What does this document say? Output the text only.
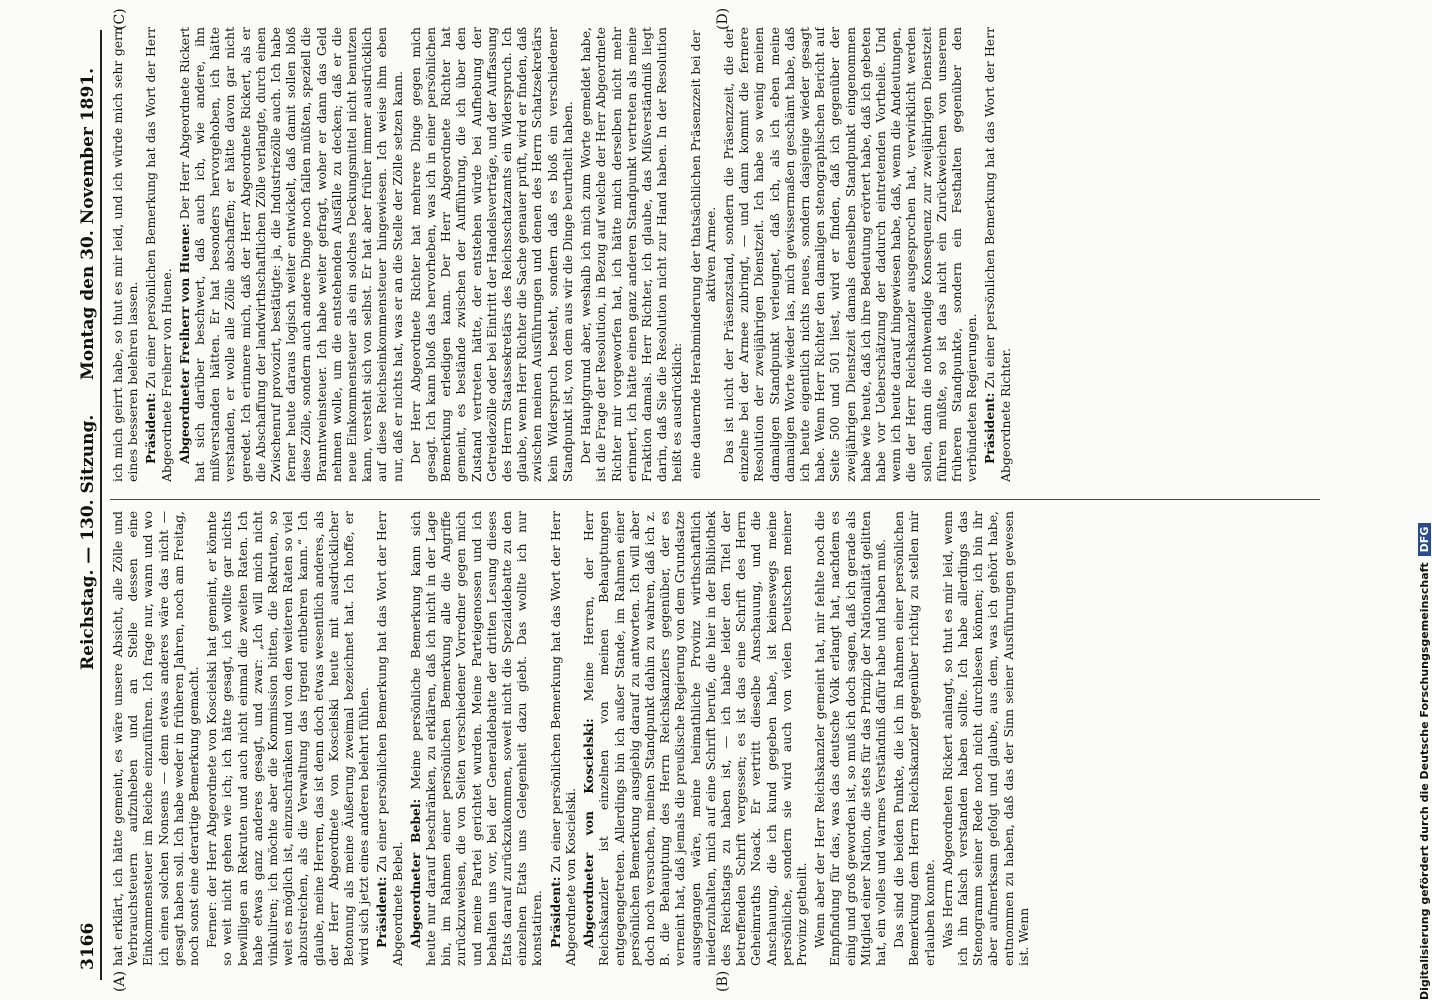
3166
Reichstag. — 130. Sitzung.
Montag den 30. November 1891.
(A)	(B)
(C)	(D)

hat erklärt, ich hätte gemeint, es wäre unsere Absicht, alle Zölle und Verbrauchsteuern aufzuheben und an Stelle dessen eine Einkommensteuer im Reiche einzuführen. Ich frage nur, wann und wo ich einen solchen Nonsens — denn etwas anderes wäre das nicht — gesagt haben soll. Ich habe weder in früheren Jahren, noch am Freitag, noch sonst eine derartige Bemerkung gemacht. Ferner: der Herr Abgeordnete von Koscielski hat gemeint, er könnte so weit nicht gehen wie ich; ich hätte gesagt, ich wollte gar nichts bewilligen an Rekruten und auch nicht einmal die zweiten Raten. Ich habe etwas ganz anderes gesagt, und zwar: „Ich will mich nicht vinkuliren; ich möchte aber die Kommission bitten, die Rekruten, so weit es möglich ist, einzuschränken und von den weiteren Raten so viel abzustreichen, als die Verwaltung das irgend entbehren kann.“ Ich glaube, meine Herren, das ist denn doch etwas wesentlich anderes, als der Herr Abgeordnete von Koscielski heute mit ausdrücklicher Betonung als meine Äußerung zweimal bezeichnet hat. Ich hoffe, er wird sich jetzt eines anderen belehrt fühlen. Präsident: Zu einer persönlichen Bemerkung hat das Wort der Herr Abgeordnete Bebel. Abgeordneter Bebel: Meine persönliche Bemerkung kann sich heute nur darauf beschränken, zu erklären, daß ich nicht in der Lage bin, im Rahmen einer persönlichen Bemerkung alle die Angriffe zurückzuweisen, die von Seiten verschiedener Vorredner gegen mich und meine Partei gerichtet wurden. Meine Parteigenossen und ich behalten uns vor, bei der Generaldebatte der dritten Lesung dieses Etats darauf zurückzukommen, soweit nicht die Spezialdebatte zu den einzelnen Etats uns Gelegenheit dazu giebt. Das wollte ich nur konstatiren. Präsident: Zu einer persönlichen Bemerkung hat das Wort der Herr Abgeordnete von Koscielski. Abgeordneter von Koscielski: Meine Herren, der Herr Reichskanzler ist einzelnen von meinen Behauptungen entgegengetreten. Allerdings bin ich außer Stande, im Rahmen einer persönlichen Bemerkung ausgiebig darauf zu antworten. Ich will aber doch noch versuchen, meinen Standpunkt dahin zu wahren, daß ich z. B. die Behauptung des Herrn Reichskanzlers gegenüber, der es verneint hat, daß jemals die preußische Regierung von dem Grundsatze ausgegangen wäre, meine heimathliche Provinz wirthschaftlich niederzuhalten, mich auf eine Schrift berufe, die hier in der Bibliothek des Reichstags zu haben ist, — ich habe leider den Titel der betreffenden Schrift vergessen; es ist das eine Schrift des Herrn Geheimraths Noack. Er vertritt dieselbe Anschauung, und die Anschauung, die ich kund gegeben habe, ist keineswegs meine persönliche, sondern sie wird auch von vielen Deutschen meiner Provinz getheilt. Wenn aber der Herr Reichskanzler gemeint hat, mir fehlte noch die Empfindung für das, was das deutsche Volk erlangt hat, nachdem es einig und groß geworden ist, so muß ich doch sagen, daß ich gerade als Mitglied einer Nation, die stets für das Prinzip der Nationalität gelitten hat, ein volles und warmes Verständniß dafür habe und haben muß. Das sind die beiden Punkte, die ich im Rahmen einer persönlichen Bemerkung dem Herrn Reichskanzler gegenüber richtig zu stellen mir erlauben konnte. Was Herrn Abgeordneten Rickert anlangt, so thut es mir leid, wenn ich ihn falsch verstanden haben sollte. Ich habe allerdings das Stenogramm seiner Rede noch nicht durchlesen können; ich bin ihr aber aufmerksam gefolgt und glaube, aus dem, was ich gehört habe, entnommen zu haben, daß das der Sinn seiner Ausführungen gewesen ist. Wenn

ich mich geirrt habe, so thut es mir leid, und ich würde mich sehr gern eines besseren belehren lassen. Präsident: Zu einer persönlichen Bemerkung hat das Wort der Herr Abgeordnete Freiherr von Huene. Abgeordneter Freiherr von Huene: Der Herr Abgeordnete Rickert hat sich darüber beschwert, daß auch ich, wie andere, ihn mißverstanden hätten. Er hat besonders hervorgehoben, ich hätte verstanden, er wolle alle Zölle abschaffen; er hätte davon gar nicht geredet. Ich erinnere mich, daß der Herr Abgeordnete Rickert, als er die Abschaffung der landwirthschaftlichen Zölle verlangte, durch einen Zwischenruf provozirt, bestätigte: ja, die Industriezölle auch. Ich habe ferner heute daraus logisch weiter entwickelt, daß damit sollen bloß diese Zölle, sondern auch andere Dinge noch fallen müßten, speziell die Branntweinsteuer. Ich habe weiter gefragt, woher er dann das Geld nehmen wolle, um die entstehenden Ausfälle zu decken; daß er die neue Einkommensteuer als ein solches Deckungsmittel nicht benutzen kann, versteht sich von selbst. Er hat aber früher immer ausdrücklich auf diese Reichseinkommensteuer hingewiesen. Ich weise ihm eben nur, daß er nichts hat, was er an die Stelle der Zölle setzen kann. Der Herr Abgeordnete Richter hat mehrere Dinge gegen mich gesagt. Ich kann bloß das hervorheben, was ich in einer persönlichen Bemerkung erledigen kann. Der Herr Abgeordnete Richter hat gemeint, es bestände zwischen der Aufführung, die ich über den Zustand vertreten hätte, der entstehen würde bei Aufhebung der Getreidezölle oder bei Eintritt der Handelsverträge, und der Auffassung des Herrn Staatssekretärs des Reichsschatzamts ein Widerspruch. Ich glaube, wenn Herr Richter die Sache genauer prüft, wird er finden, daß zwischen meinen Ausführungen und denen des Herrn Schatzsekretärs kein Widerspruch besteht, sondern daß es bloß ein verschiedener Standpunkt ist, von dem aus wir die Dinge beurtheilt haben. Der Hauptgrund aber, weshalb ich mich zum Worte gemeldet habe, ist die Frage der Resolution, in Bezug auf welche der Herr Abgeordnete Richter mir vorgeworfen hat, ich hätte mich derselben nicht mehr erinnert, ich hätte einen ganz anderen Standpunkt vertreten als meine Fraktion damals. Herr Richter, ich glaube, das Mißverständniß liegt darin, daß Sie die Resolution nicht zur Hand haben. In der Resolution heißt es ausdrücklich: eine dauernde Herabminderung der thatsächlichen Präsenzzeit bei der aktiven Armee. Das ist nicht der Präsenzstand, sondern die Präsenzzeit, die der einzelne bei der Armee zubringt, — und dann kommt die fernere Resolution der zweijährigen Dienstzeit. Ich habe so wenig meinen damaligen Standpunkt verleugnet, daß ich, als ich eben meine damaligen Worte wieder las, mich gewissermaßen geschämt habe, daß ich heute eigentlich nichts neues, sondern dasjenige wieder gesagt habe. Wenn Herr Richter den damaligen stenographischen Bericht auf Seite 500 und 501 liest, wird er finden, daß ich gegenüber der zweijährigen Dienstzeit damals denselben Standpunkt eingenommen habe wie heute, daß ich ihre Bedeutung erörtert habe, daß ich gebeten habe vor Ueberschätzung der dadurch eintretenden Vortheile. Und wenn ich heute darauf hingewiesen habe, daß, wenn die Andeutungen, die der Herr Reichskanzler ausgesprochen hat, verwirklicht werden sollen, dann die nothwendige Konsequenz zur zweijährigen Dienstzeit führen müßte, so ist das nicht ein Zurückweichen von unserem früheren Standpunkte, sondern ein Festhalten gegenüber den verbündeten Regierungen. Präsident: Zu einer persönlichen Bemerkung hat das Wort der Herr Abgeordnete Richter.

Digitalisierung gefördert durch die Deutsche ForschungsgemeinschaftDFG
